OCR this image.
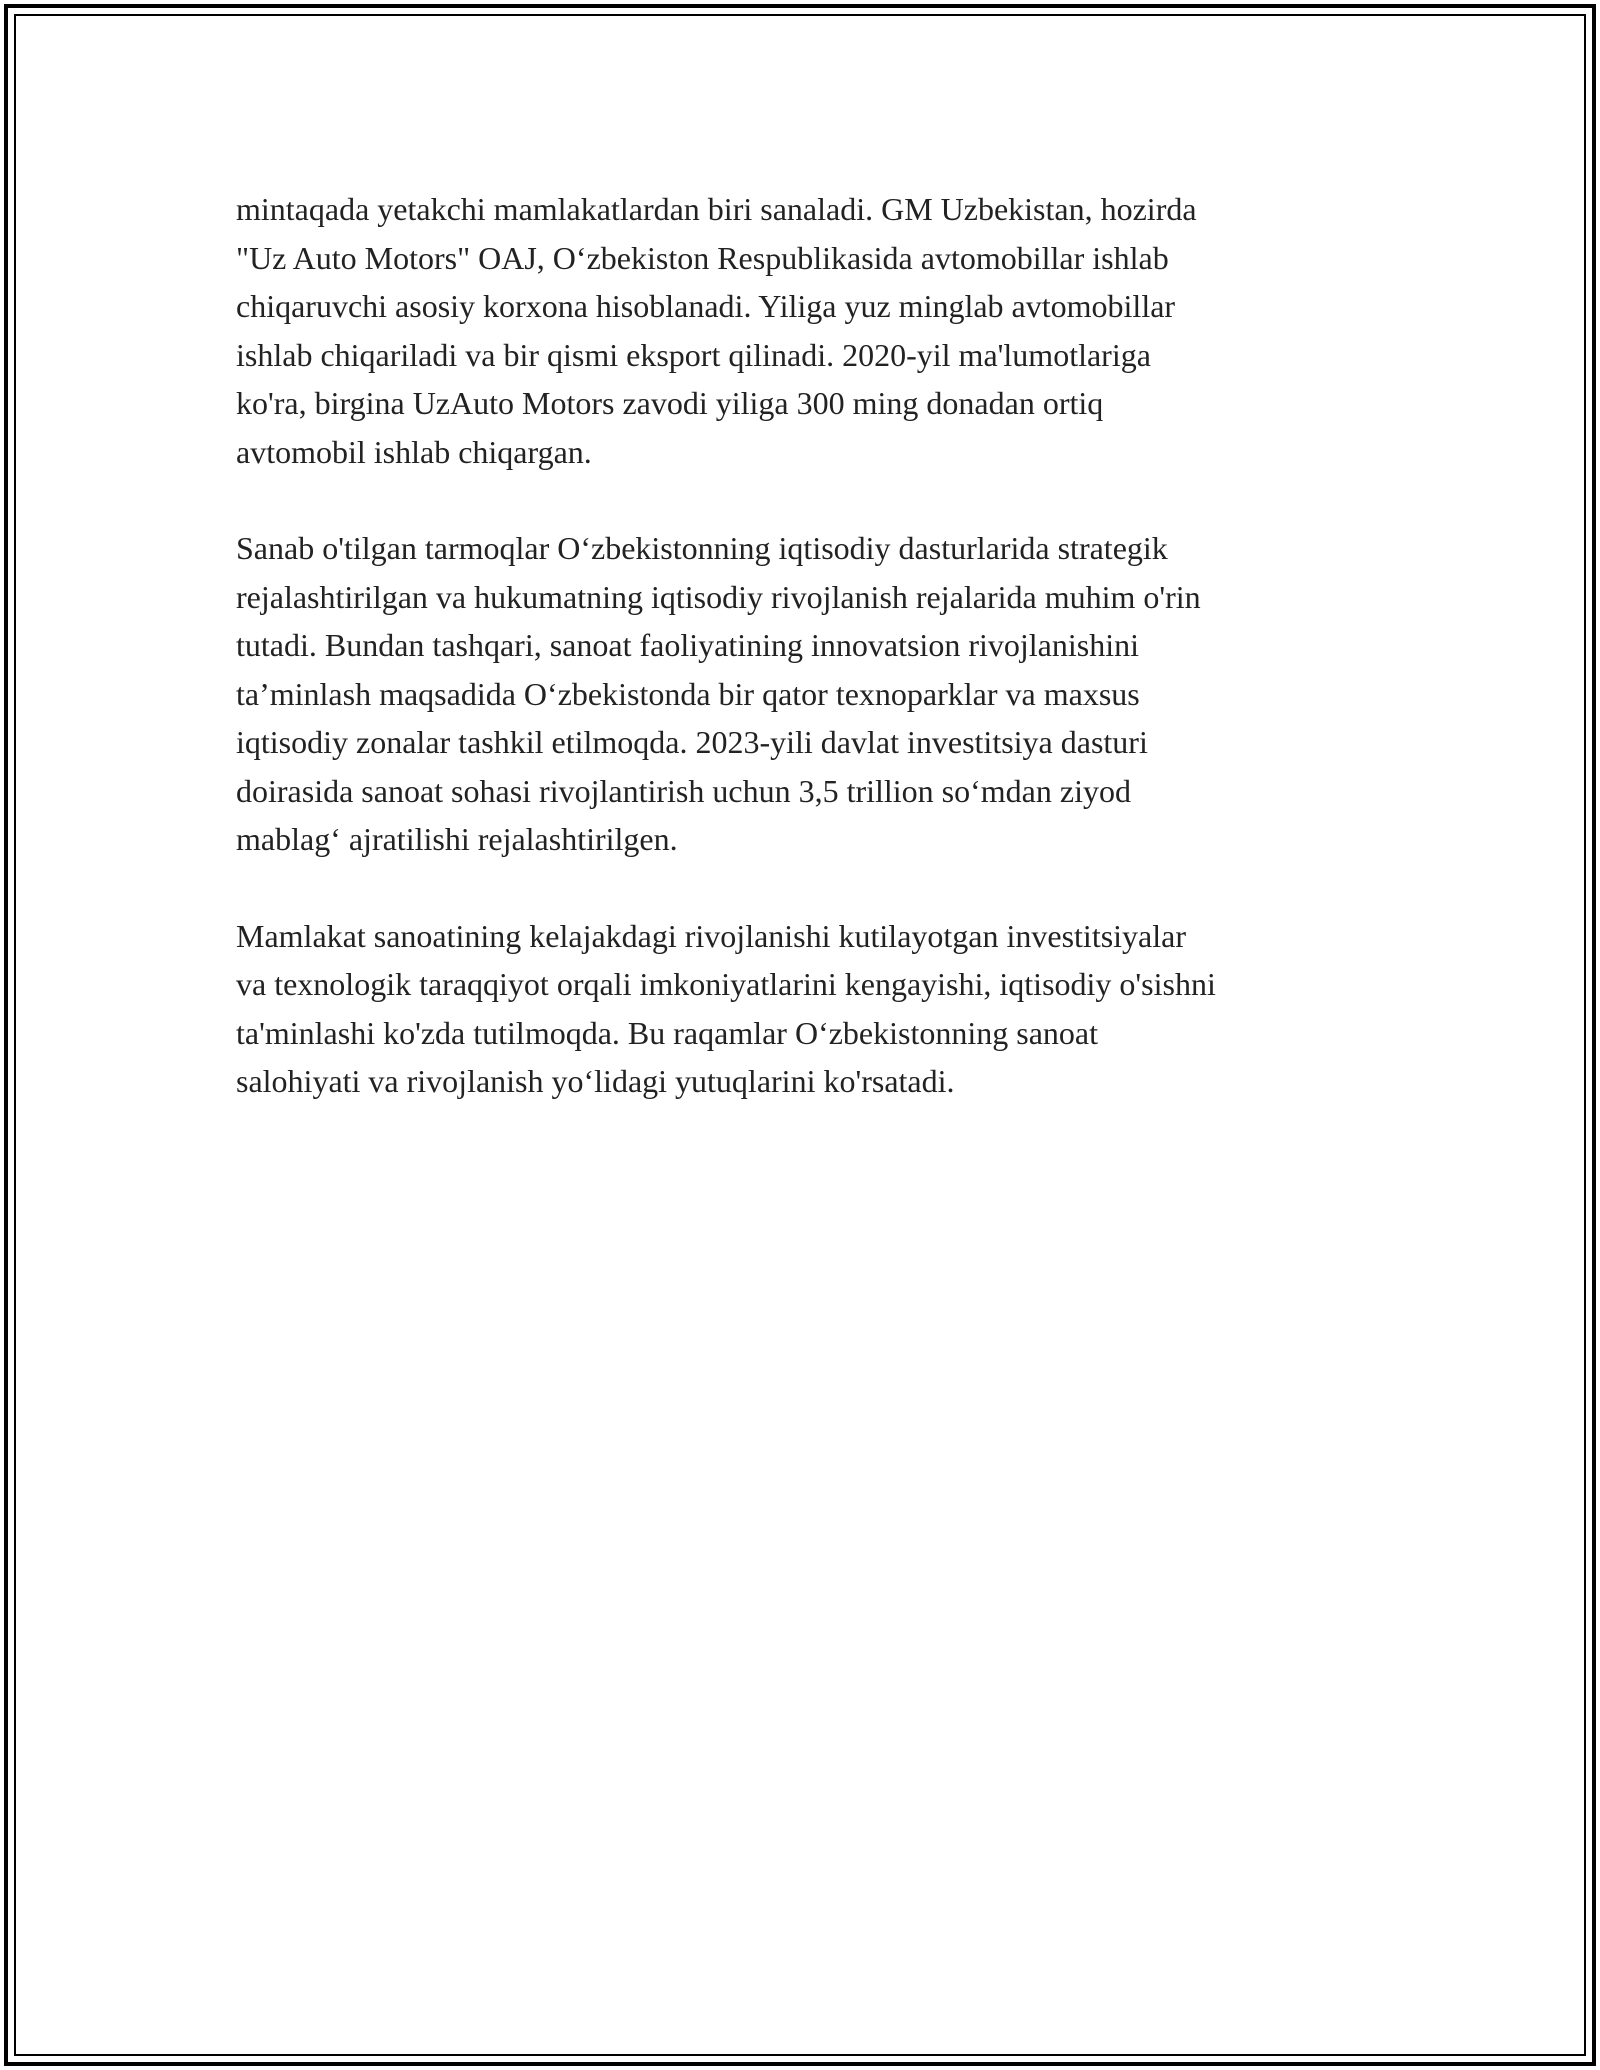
mintaqada yetakchi mamlakatlardan biri sanaladi. GM Uzbekistan, hozirda
"Uz Auto Motors" OAJ, O‘zbekiston Respublikasida avtomobillar ishlab
chiqaruvchi asosiy korxona hisoblanadi. Yiliga yuz minglab avtomobillar
ishlab chiqariladi va bir qismi eksport qilinadi. 2020-yil ma'lumotlariga
ko'ra, birgina UzAuto Motors zavodi yiliga 300 ming donadan ortiq
avtomobil ishlab chiqargan.

Sanab o'tilgan tarmoqlar O‘zbekistonning iqtisodiy dasturlarida strategik
rejalashtirilgan va hukumatning iqtisodiy rivojlanish rejalarida muhim o'rin
tutadi. Bundan tashqari, sanoat faoliyatining innovatsion rivojlanishini
ta’minlash maqsadida O‘zbekistonda bir qator texnoparklar va maxsus
iqtisodiy zonalar tashkil etilmoqda. 2023-yili davlat investitsiya dasturi
doirasida sanoat sohasi rivojlantirish uchun 3,5 trillion so‘mdan ziyod
mablag‘ ajratilishi rejalashtirilgen.

Mamlakat sanoatining kelajakdagi rivojlanishi kutilayotgan investitsiyalar
va texnologik taraqqiyot orqali imkoniyatlarini kengayishi, iqtisodiy o'sishni
ta'minlashi ko'zda tutilmoqda. Bu raqamlar O‘zbekistonning sanoat
salohiyati va rivojlanish yo‘lidagi yutuqlarini ko'rsatadi.
